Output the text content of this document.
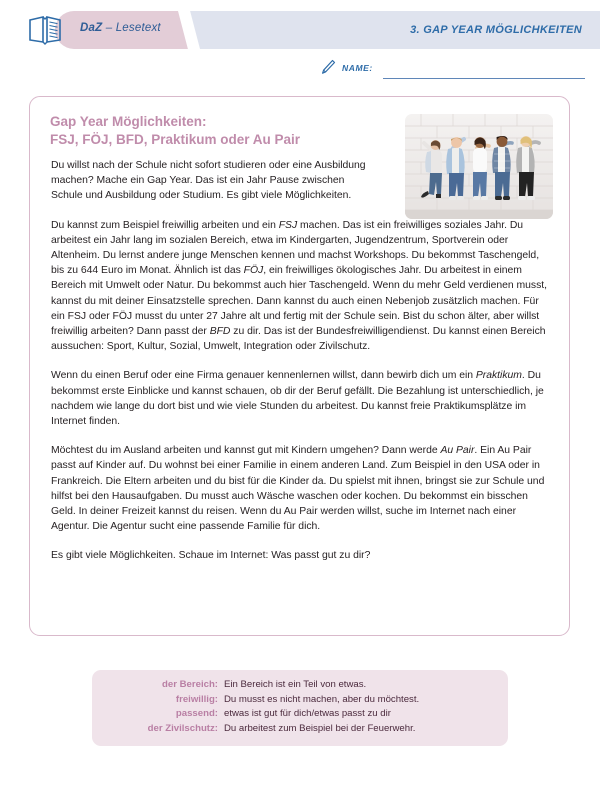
DaZ – Lesetext	3. GAP YEAR MÖGLICHKEITEN
NAME:
Gap Year Möglichkeiten:
FSJ, FÖJ, BFD, Praktikum oder Au Pair

Du willst nach der Schule nicht sofort studieren oder eine Ausbildung machen? Mache ein Gap Year. Das ist ein Jahr Pause zwischen Schule und Ausbildung oder Studium. Es gibt viele Möglichkeiten.

Du kannst zum Beispiel freiwillig arbeiten und ein FSJ machen. Das ist ein freiwilliges soziales Jahr. Du arbeitest ein Jahr lang im sozialen Bereich, etwa im Kindergarten, Jugendzentrum, Sportverein oder Altenheim. Du lernst andere junge Menschen kennen und machst Workshops. Du bekommst Taschengeld, bis zu 644 Euro im Monat. Ähnlich ist das FÖJ, ein freiwilliges ökologisches Jahr. Du arbeitest in einem Bereich mit Umwelt oder Natur. Du bekommst auch hier Taschengeld. Wenn du mehr Geld verdienen musst, kannst du mit deiner Einsatzstelle sprechen. Dann kannst du auch einen Nebenjob zusätzlich machen. Für ein FSJ oder FÖJ musst du unter 27 Jahre alt und fertig mit der Schule sein. Bist du schon älter, aber willst freiwillig arbeiten? Dann passt der BFD zu dir. Das ist der Bundesfreiwilligendienst. Du kannst einen Bereich aussuchen: Sport, Kultur, Sozial, Umwelt, Integration oder Zivilschutz.

Wenn du einen Beruf oder eine Firma genauer kennenlernen willst, dann bewirb dich um ein Praktikum. Du bekommst erste Einblicke und kannst schauen, ob dir der Beruf gefällt. Die Bezahlung ist unterschiedlich, je nachdem wie lange du dort bist und wie viele Stunden du arbeitest. Du kannst freie Praktikumsplätze im Internet finden.

Möchtest du im Ausland arbeiten und kannst gut mit Kindern umgehen? Dann werde Au Pair. Ein Au Pair passt auf Kinder auf. Du wohnst bei einer Familie in einem anderen Land. Zum Beispiel in den USA oder in Frankreich. Die Eltern arbeiten und du bist für die Kinder da. Du spielst mit ihnen, bringst sie zur Schule und hilfst bei den Hausaufgaben. Du musst auch Wäsche waschen oder kochen. Du bekommst ein bisschen Geld. In deiner Freizeit kannst du reisen. Wenn du Au Pair werden willst, suche im Internet nach einer Agentur. Die Agentur sucht eine passende Familie für dich.

Es gibt viele Möglichkeiten. Schaue im Internet: Was passt gut zu dir?

der Bereich: Ein Bereich ist ein Teil von etwas.
freiwillig: Du musst es nicht machen, aber du möchtest.
passend: etwas ist gut für dich/etwas passt zu dir
der Zivilschutz: Du arbeitest zum Beispiel bei der Feuerwehr.
